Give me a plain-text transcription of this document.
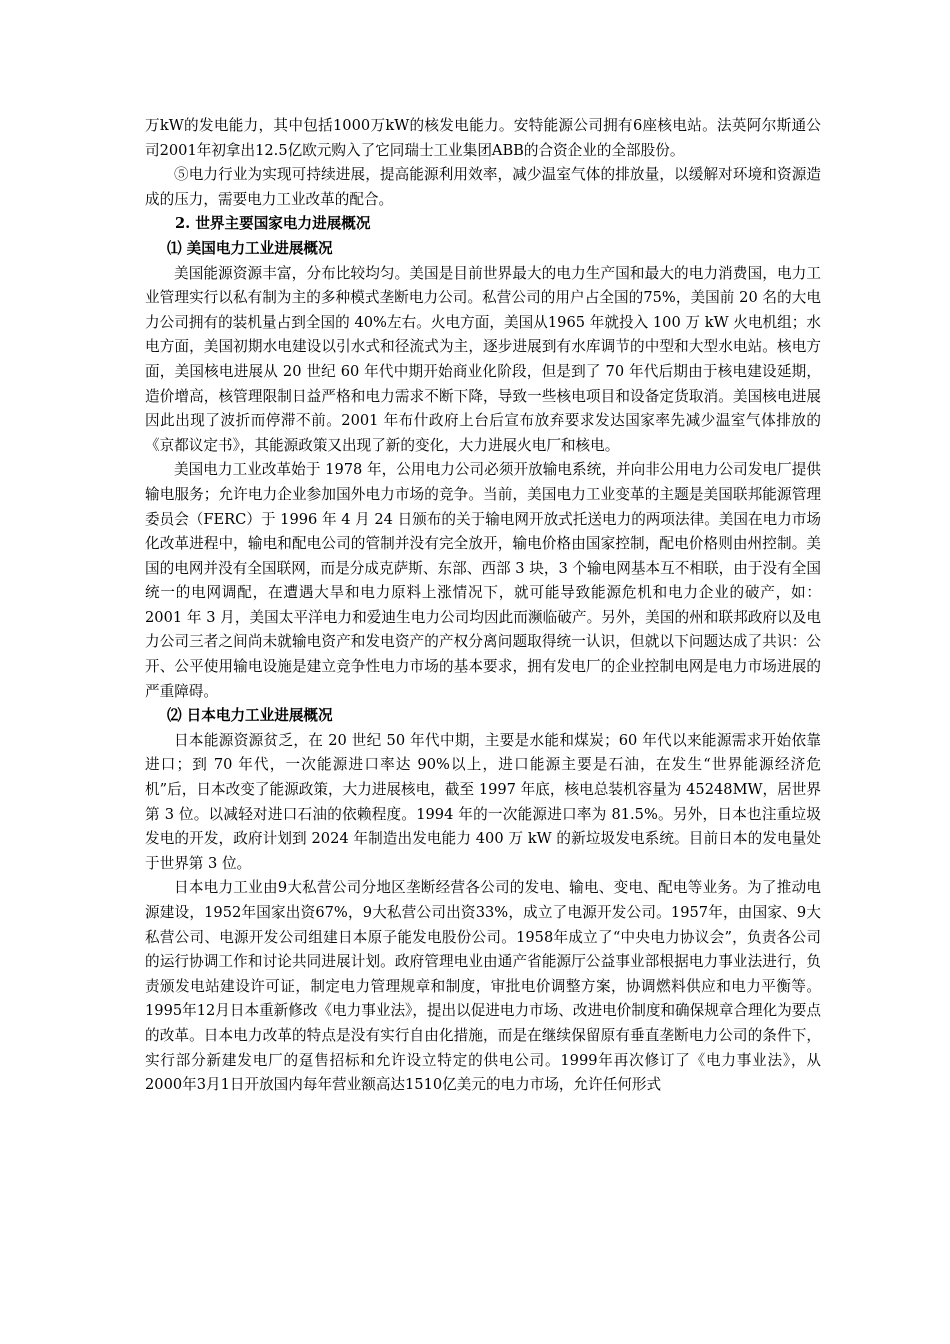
万kW的发电能力，其中包括1000万kW的核发电能力。安特能源公司拥有6座核电站。法英阿尔斯通公司2001年初拿出12.5亿欧元购入了它同瑞士工业集团ABB的合资企业的全部股份。

⑤电力行业为实现可持续进展，提高能源利用效率，减少温室气体的排放量，以缓解对环境和资源造成的压力，需要电力工业改革的配合。

2. 世界主要国家电力进展概况
⑴ 美国电力工业进展概况

美国能源资源丰富，分布比较均匀。美国是目前世界最大的电力生产国和最大的电力消费国，电力工业管理实行以私有制为主的多种模式垄断电力公司。私营公司的用户占全国的75%，美国前 20 名的大电力公司拥有的装机量占到全国的 40%左右。火电方面，美国从1965 年就投入 100 万 kW 火电机组；水电方面，美国初期水电建设以引水式和径流式为主，逐步进展到有水库调节的中型和大型水电站。核电方面，美国核电进展从 20 世纪 60 年代中期开始商业化阶段，但是到了 70 年代后期由于核电建设延期，造价增高，核管理限制日益严格和电力需求不断下降，导致一些核电项目和设备定货取消。美国核电进展因此出现了波折而停滞不前。2001 年布什政府上台后宣布放弃要求发达国家率先减少温室气体排放的《京都议定书》，其能源政策又出现了新的变化，大力进展火电厂和核电。

美国电力工业改革始于 1978 年，公用电力公司必须开放输电系统，并向非公用电力公司发电厂提供输电服务；允许电力企业参加国外电力市场的竞争。当前，美国电力工业变革的主题是美国联邦能源管理委员会（FERC）于 1996 年 4 月 24 日颁布的关于输电网开放式托送电力的两项法律。美国在电力市场化改革进程中，输电和配电公司的管制并没有完全放开，输电价格由国家控制，配电价格则由州控制。美国的电网并没有全国联网，而是分成克萨斯、东部、西部 3 块，3 个输电网基本互不相联，由于没有全国统一的电网调配，在遭遇大旱和电力原料上涨情况下，就可能导致能源危机和电力企业的破产，如：2001 年 3 月，美国太平洋电力和爱迪生电力公司均因此而濒临破产。另外，美国的州和联邦政府以及电力公司三者之间尚未就输电资产和发电资产的产权分离问题取得统一认识，但就以下问题达成了共识：公开、公平使用输电设施是建立竞争性电力市场的基本要求，拥有发电厂的企业控制电网是电力市场进展的严重障碍。

⑵ 日本电力工业进展概况

日本能源资源贫乏，在 20 世纪 50 年代中期，主要是水能和煤炭；60 年代以来能源需求开始依靠进口；到 70 年代，一次能源进口率达 90%以上，进口能源主要是石油，在发生“世界能源经济危机”后，日本改变了能源政策，大力进展核电，截至 1997 年底，核电总装机容量为 45248MW，居世界第 3 位。以减轻对进口石油的依赖程度。1994 年的一次能源进口率为 81.5%。另外，日本也注重垃圾发电的开发，政府计划到 2024 年制造出发电能力 400 万 kW 的新垃圾发电系统。目前日本的发电量处于世界第 3 位。

日本电力工业由9大私营公司分地区垄断经营各公司的发电、输电、变电、配电等业务。为了推动电源建设，1952年国家出资67%，9大私营公司出资33%，成立了电源开发公司。1957年，由国家、9大私营公司、电源开发公司组建日本原子能发电股份公司。1958年成立了“中央电力协议会”，负责各公司的运行协调工作和讨论共同进展计划。政府管理电业由通产省能源厅公益事业部根据电力事业法进行，负责颁发电站建设许可证，制定电力管理规章和制度，审批电价调整方案，协调燃料供应和电力平衡等。1995年12月日本重新修改《电力事业法》，提出以促进电力市场、改进电价制度和确保规章合理化为要点的改革。日本电力改革的特点是没有实行自由化措施，而是在继续保留原有垂直垄断电力公司的条件下，实行部分新建发电厂的趸售招标和允许设立特定的供电公司。1999年再次修订了《电力事业法》，从2000年3月1日开放国内每年营业额高达1510亿美元的电力市场，允许任何形式
